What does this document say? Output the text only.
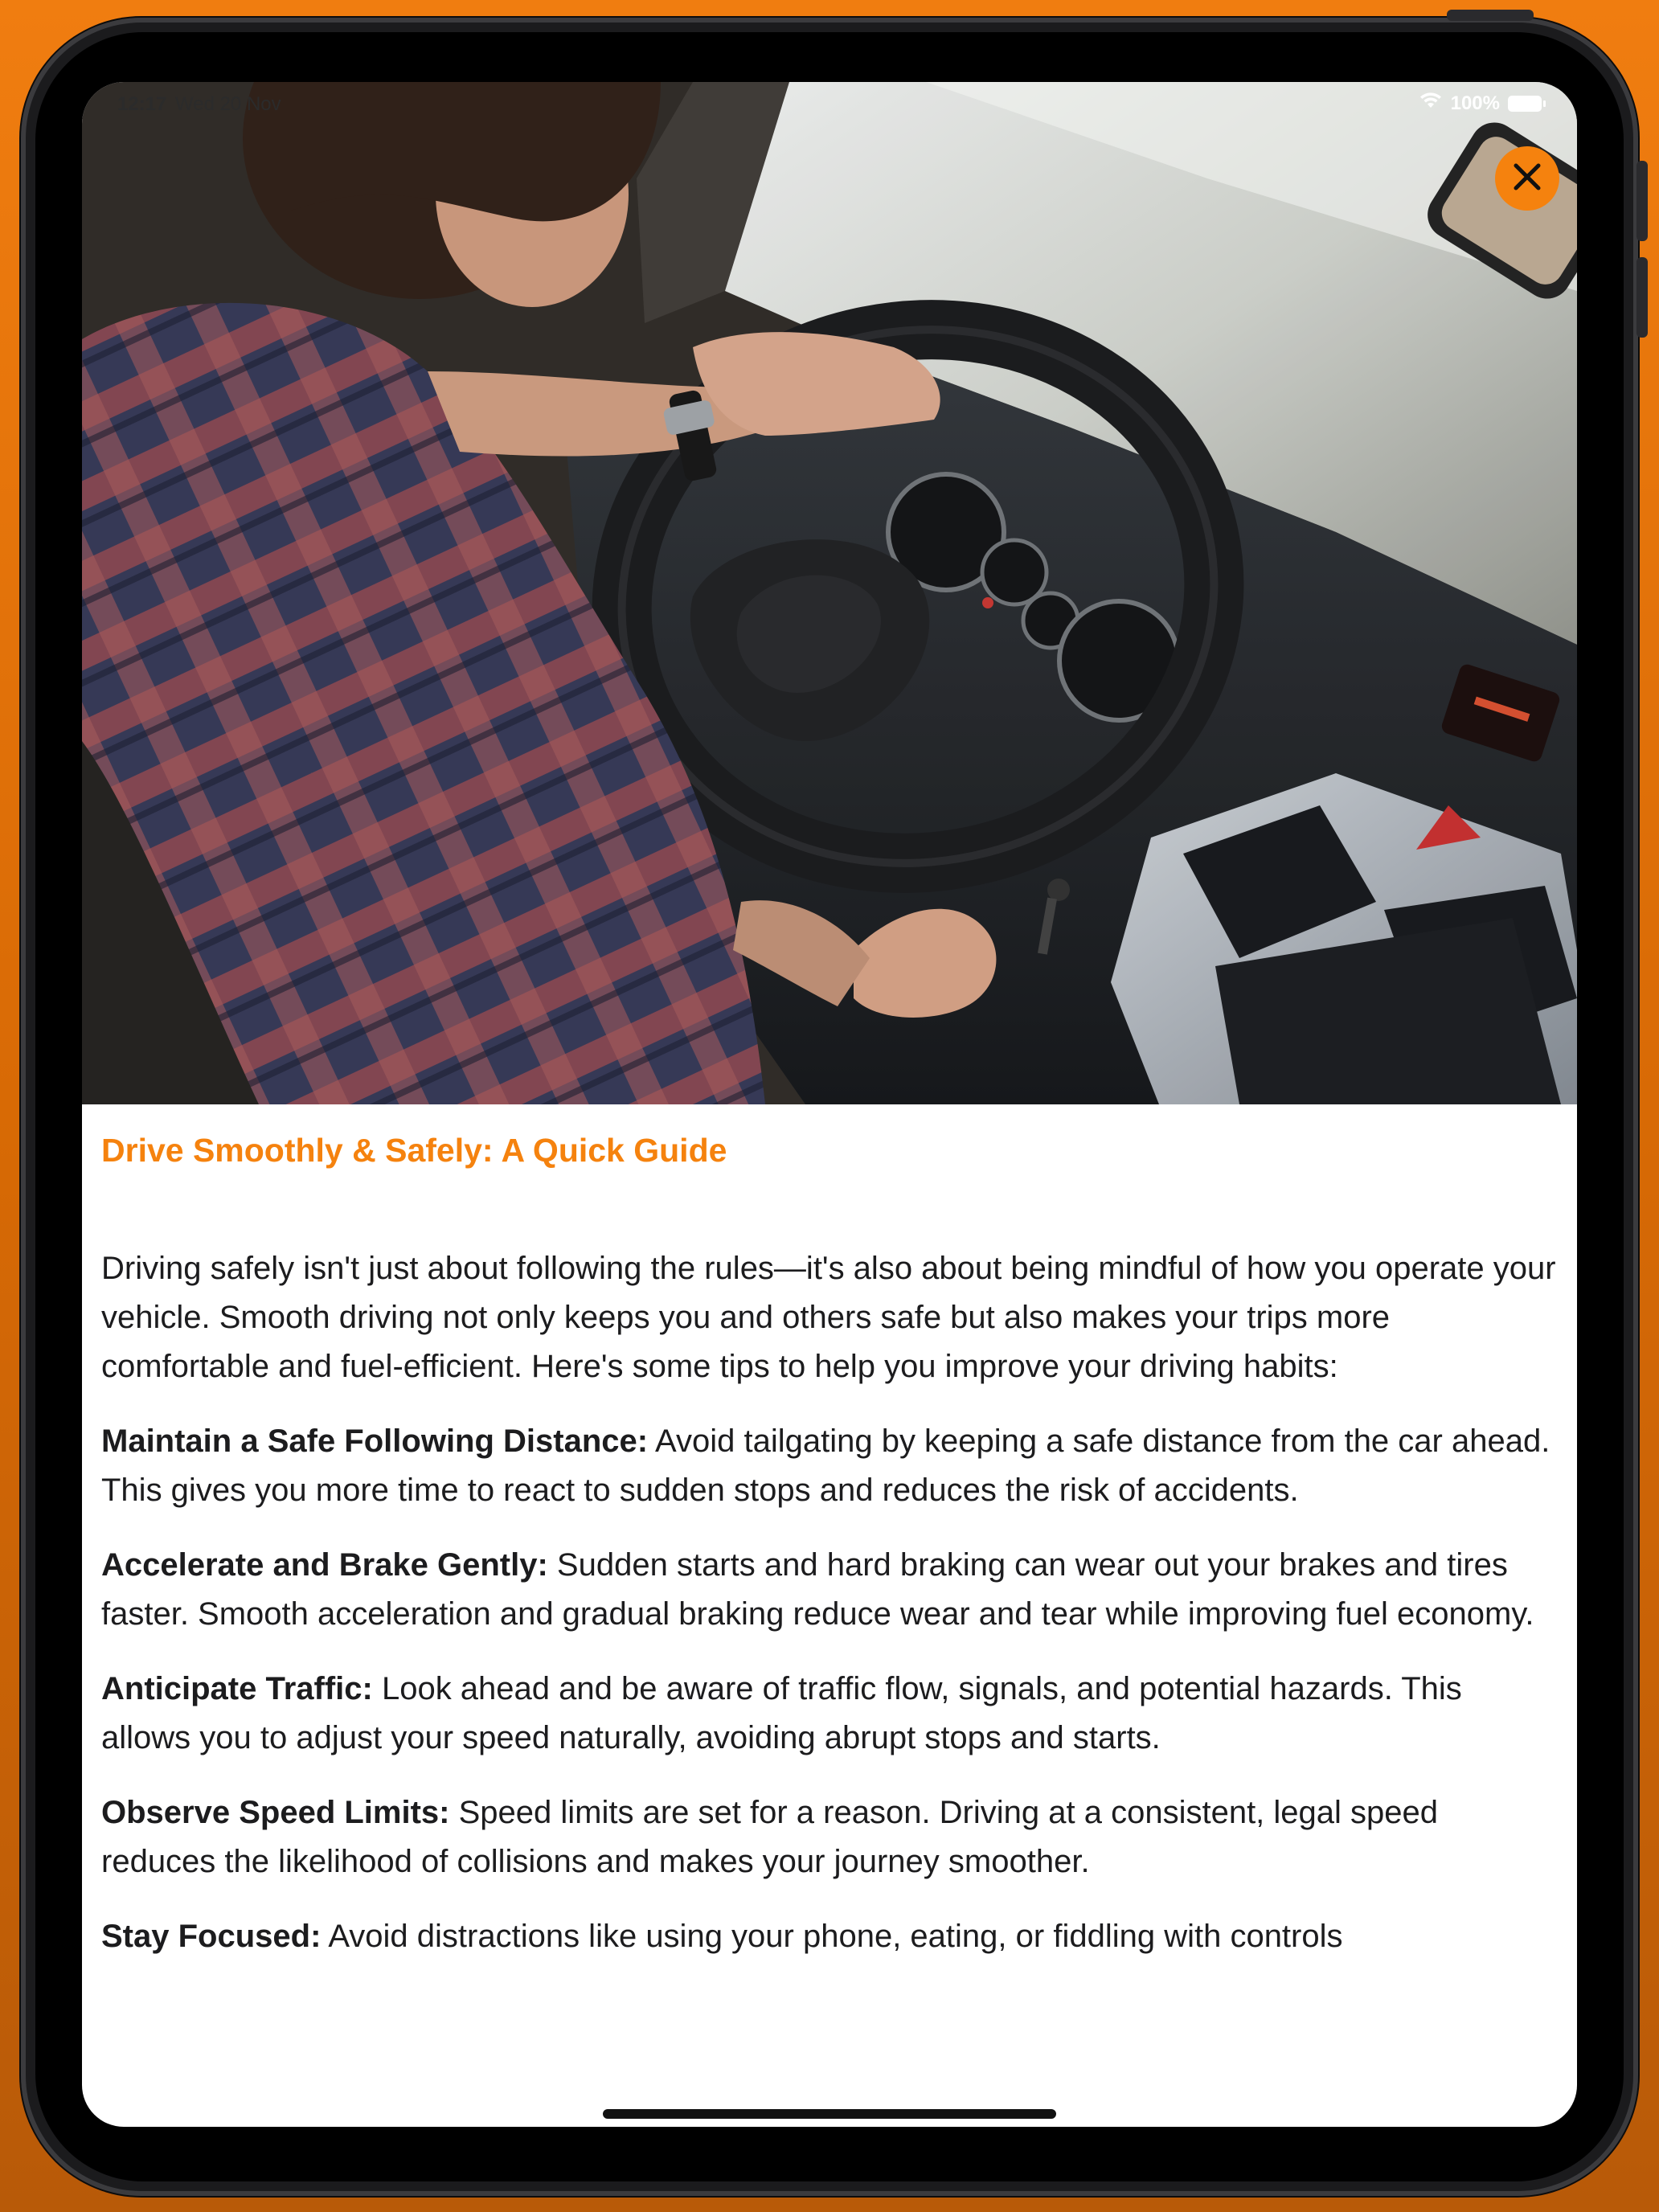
12:17 Wed 20 Nov	100%
Drive Smoothly & Safely: A Quick Guide

Driving safely isn't just about following the rules—it's also about being mindful of how you operate your vehicle. Smooth driving not only keeps you and others safe but also makes your trips more comfortable and fuel-efficient. Here's some tips to help you improve your driving habits:

Maintain a Safe Following Distance: Avoid tailgating by keeping a safe distance from the car ahead. This gives you more time to react to sudden stops and reduces the risk of accidents.

Accelerate and Brake Gently: Sudden starts and hard braking can wear out your brakes and tires faster. Smooth acceleration and gradual braking reduce wear and tear while improving fuel economy.

Anticipate Traffic: Look ahead and be aware of traffic flow, signals, and potential hazards. This allows you to adjust your speed naturally, avoiding abrupt stops and starts.

Observe Speed Limits: Speed limits are set for a reason. Driving at a consistent, legal speed reduces the likelihood of collisions and makes your journey smoother.

Stay Focused: Avoid distractions like using your phone, eating, or fiddling with controls
